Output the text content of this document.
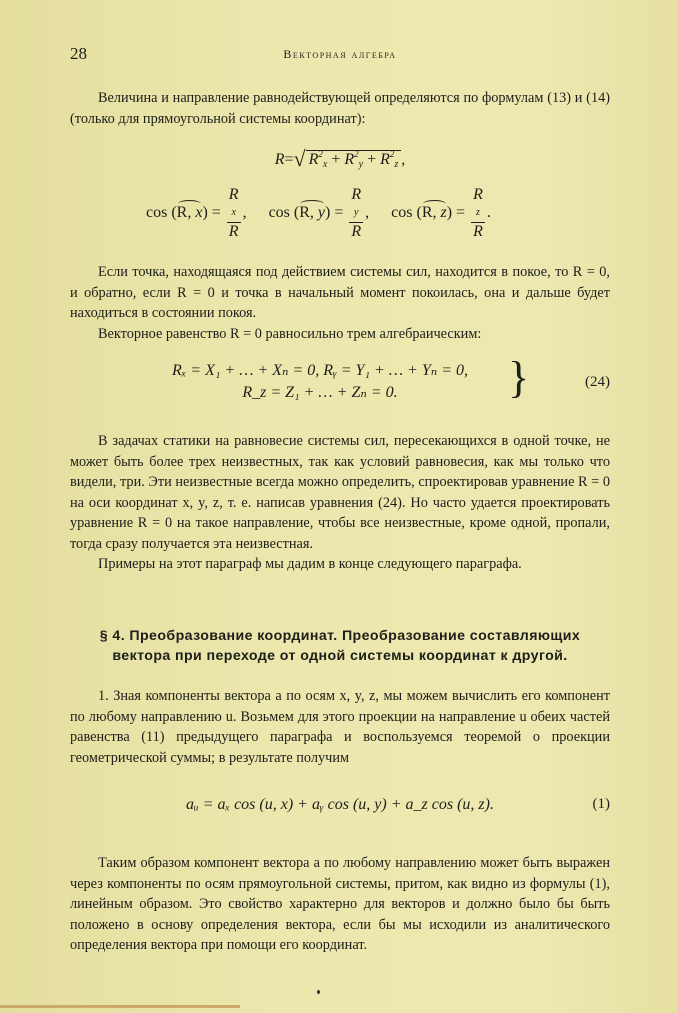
28	Векторная алгебра

Величина и направление равнодействующей определяются по формулам (13) и (14) (только для прямоугольной системы координат):

R=√ $R^2_x + R^2_y + R^2_z$ ,
cos (R, x) = R
x
R , cos (R, y) = R
y
R , cos (R, z) = R
z
R .

Если точка, находящаяся под действием системы сил, находится в покое, то R = 0, и обратно, если R = 0 и точка в начальный момент покоилась, она и дальше будет находиться в состоянии покоя.

Векторное равенство R = 0 равносильно трем алгебраическим:

Rₓ = X₁ + … + Xₙ = 0, Rᵧ = Y₁ + … + Yₙ = 0,
R_z = Z₁ + … + Zₙ = 0.	}	(24)

В задачах статики на равновесие системы сил, пересекающихся в одной точке, не может быть более трех неизвестных, так как условий равновесия, как мы только что видели, три. Эти неизвестные всегда можно определить, спроектировав уравнение R = 0 на оси координат x, y, z, т. е. написав уравнения (24). Но часто удается проектировать уравнение R = 0 на такое направление, чтобы все неизвестные, кроме одной, пропали, тогда сразу получается эта неизвестная.

Примеры на этот параграф мы дадим в конце следующего параграфа.

§ 4. Преобразование координат. Преобразование составляющих
вектора при переходе от одной системы координат к другой.

1. Зная компоненты вектора a по осям x, y, z, мы можем вычислить его компонент по любому направлению u. Возьмем для этого проекции на направление u обеих частей равенства (11) предыдущего параграфа и воспользуемся теоремой о проекции геометрической суммы; в результате получим

aᵤ = aₓ cos (u, x) + aᵧ cos (u, y) + a_z cos (u, z).	(1)

Таким образом компонент вектора a по любому направлению может быть выражен через компоненты по осям прямоугольной системы, притом, как видно из формулы (1), линейным образом. Это свойство характерно для векторов и должно было бы быть положено в основу определения вектора, если бы мы исходили из аналитического определения вектора при помощи его координат.
